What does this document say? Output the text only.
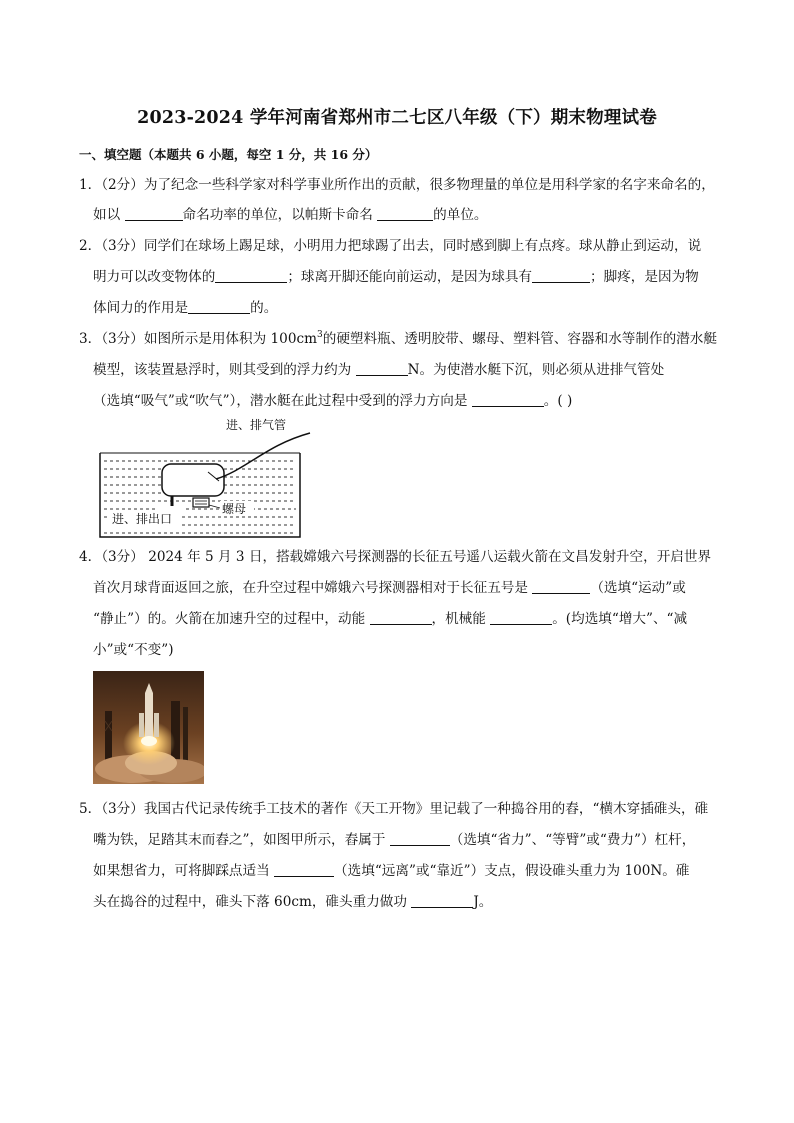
2023-2024 学年河南省郑州市二七区八年级（下）期末物理试卷
一、填空题（本题共 6 小题，每空 1 分，共 16 分）
1．（2分）为了纪念一些科学家对科学事业所作出的贡献，很多物理量的单位是用科学家的名字来命名的，
如以	命名功率的单位，以帕斯卡命名	的单位。
2．（3分）同学们在球场上踢足球，小明用力把球踢了出去，同时感到脚上有点疼。球从静止到运动，说
明力可以改变物体的	；球离开脚还能向前运动，是因为球具有	；脚疼，是因为物
体间力的作用是	的。
3．（3分）如图所示是用体积为 $100cm^3$的硬塑料瓶、透明胶带、螺母、塑料管、容器和水等制作的潜水艇
模型，该装置悬浮时，则其受到的浮力约为	N。为使潜水艇下沉，则必须从进排气管处
（选填“吸气”或“吹气”），潜水艇在此过程中受到的浮力方向是	。( )
进、排气管
螺母
进、排出口
4．（3分） 2024 年 5 月 3 日，搭载嫦娥六号探测器的长征五号遥八运载火箭在文昌发射升空，开启世界
首次月球背面返回之旅，在升空过程中嫦娥六号探测器相对于长征五号是	（选填“运动”或
“静止”）的。火箭在加速升空的过程中，动能	，机械能	。(均选填“增大”、“减
小”或“不变”)
5．（3分）我国古代记录传统手工技术的著作《天工开物》里记载了一种捣谷用的舂，“横木穿插碓头，碓
嘴为铁，足踏其末而舂之”，如图甲所示，舂属于	（选填“省力”、“等臂”或“费力”）杠杆，
如果想省力，可将脚踩点适当	（选填“远离”或“靠近”）支点，假设碓头重力为 100N。碓
头在捣谷的过程中，碓头下落 60cm，碓头重力做功	J。
